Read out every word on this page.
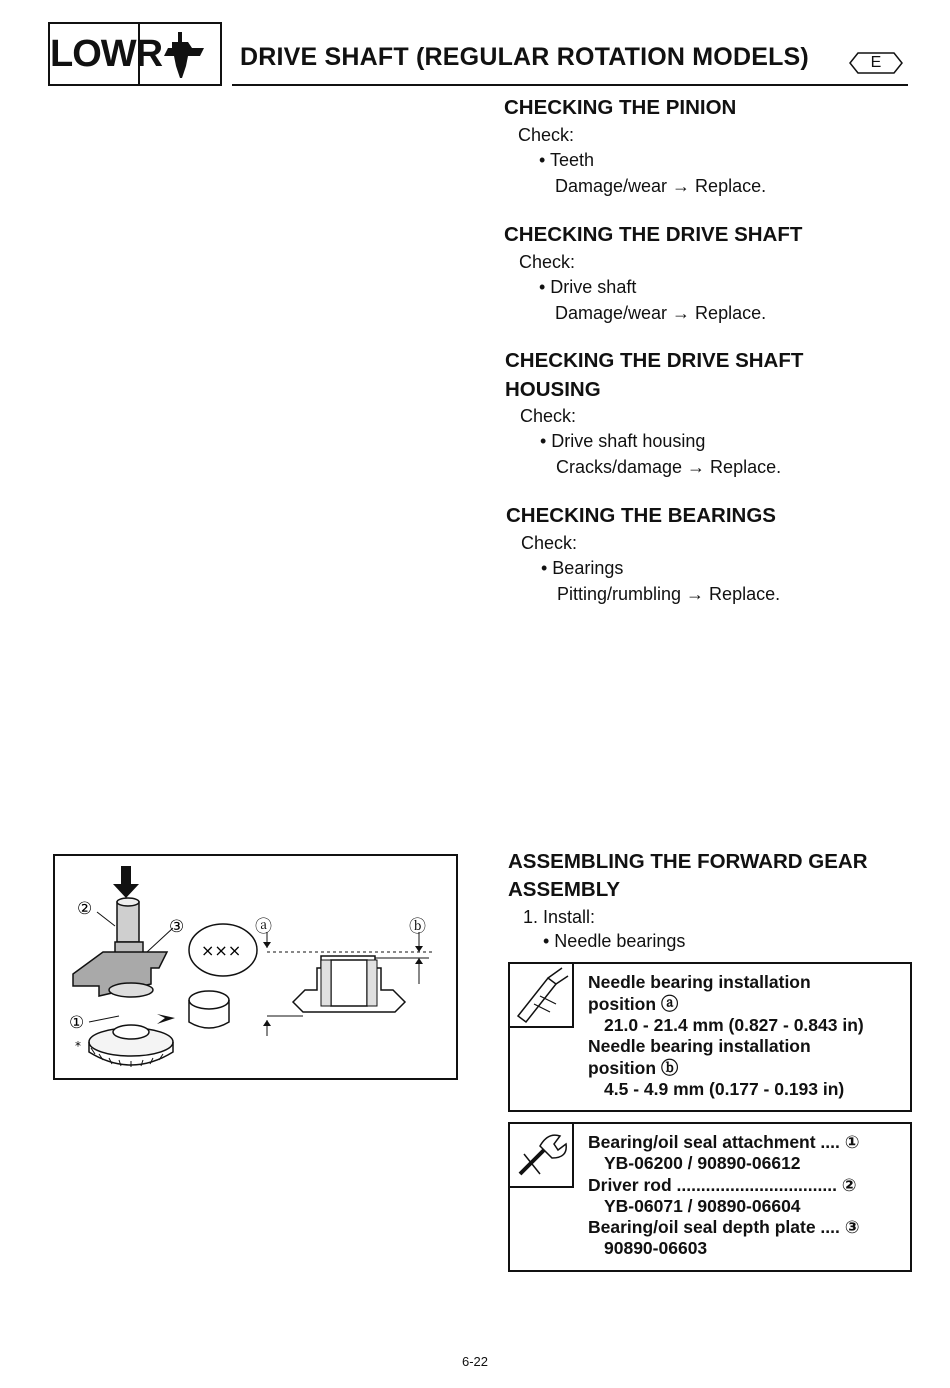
LOWR	DRIVE SHAFT (REGULAR ROTATION MODELS)	E
CHECKING THE PINION
Check:
• Teeth
Damage/wear → Replace.
CHECKING THE DRIVE SHAFT
Check:
• Drive shaft
Damage/wear → Replace.
CHECKING THE DRIVE SHAFT
HOUSING
Check:
• Drive shaft housing
Cracks/damage → Replace.
CHECKING THE BEARINGS
Check:
• Bearings
Pitting/rumbling → Replace.
②
③	ⓐ	ⓑ
①
*
×××
ASSEMBLING THE FORWARD GEAR
ASSEMBLY
1. Install:
• Needle bearings
Needle bearing installation
position ⓐ
21.0 - 21.4 mm (0.827 - 0.843 in)
Needle bearing installation
position ⓑ
4.5 - 4.9 mm (0.177 - 0.193 in)
Bearing/oil seal attachment .... ①
YB-06200 / 90890-06612
Driver rod ................................. ②
YB-06071 / 90890-06604
Bearing/oil seal depth plate .... ③
90890-06603
6-22
